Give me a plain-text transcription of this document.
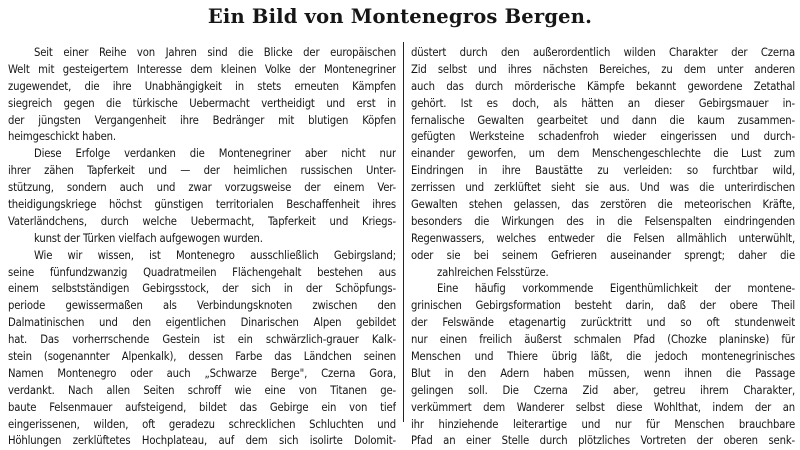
Ein Bild von Montenegros Bergen.
Seit einer Reihe von Jahren sind die Blicke der europäischen
Welt mit gesteigertem Interesse dem kleinen Volke der Montenegriner
zugewendet, die ihre Unabhängigkeit in stets erneuten Kämpfen
siegreich gegen die türkische Uebermacht vertheidigt und erst in
der jüngsten Vergangenheit ihre Bedränger mit blutigen Köpfen
heimgeschickt haben.
Diese Erfolge verdanken die Montenegriner aber nicht nur
ihrer zähen Tapferkeit und — der heimlichen russischen Unter-
stützung, sondern auch und zwar vorzugsweise der einem Ver-
theidigungskriege höchst günstigen territorialen Beschaffenheit ihres
Vaterländchens, durch welche Uebermacht, Tapferkeit und Kriegs-
kunst der Türken vielfach aufgewogen wurden.
Wie wir wissen, ist Montenegro ausschließlich Gebirgsland;
seine fünfundzwanzig Quadratmeilen Flächengehalt bestehen aus
einem selbstständigen Gebirgsstock, der sich in der Schöpfungs-
periode gewissermaßen als Verbindungsknoten zwischen den
Dalmatinischen und den eigentlichen Dinarischen Alpen gebildet
hat. Das vorherrschende Gestein ist ein schwärzlich-grauer Kalk-
stein (sogenannter Alpenkalk), dessen Farbe das Ländchen seinen
Namen Montenegro oder auch „Schwarze Berge", Czerna Gora,
verdankt. Nach allen Seiten schroff wie eine von Titanen ge-
baute Felsenmauer aufsteigend, bildet das Gebirge ein von tief
eingerissenen, wilden, oft geradezu schrecklichen Schluchten und
Höhlungen zerklüftetes Hochplateau, auf dem sich isolirte Dolomit-
düstert durch den außerordentlich wilden Charakter der Czerna
Zid selbst und ihres nächsten Bereiches, zu dem unter anderen
auch das durch mörderische Kämpfe bekannt gewordene Zetathal
gehört. Ist es doch, als hätten an dieser Gebirgsmauer in-
fernalische Gewalten gearbeitet und dann die kaum zusammen-
gefügten Werksteine schadenfroh wieder eingerissen und durch-
einander geworfen, um dem Menschengeschlechte die Lust zum
Eindringen in ihre Baustätte zu verleiden: so furchtbar wild,
zerrissen und zerklüftet sieht sie aus. Und was die unterirdischen
Gewalten stehen gelassen, das zerstören die meteorischen Kräfte,
besonders die Wirkungen des in die Felsenspalten eindringenden
Regenwassers, welches entweder die Felsen allmählich unterwühlt,
oder sie bei seinem Gefrieren auseinander sprengt; daher die
zahlreichen Felsstürze.
Eine häufig vorkommende Eigenthümlichkeit der montene-
grinischen Gebirgsformation besteht darin, daß der obere Theil
der Felswände etagenartig zurücktritt und so oft stundenweit
nur einen freilich äußerst schmalen Pfad (Chozke planinske) für
Menschen und Thiere übrig läßt, die jedoch montenegrinisches
Blut in den Adern haben müssen, wenn ihnen die Passage
gelingen soll. Die Czerna Zid aber, getreu ihrem Charakter,
verkümmert dem Wanderer selbst diese Wohlthat, indem der an
ihr hinziehende leiterartige und nur für Menschen brauchbare
Pfad an einer Stelle durch plötzliches Vortreten der oberen senk-
